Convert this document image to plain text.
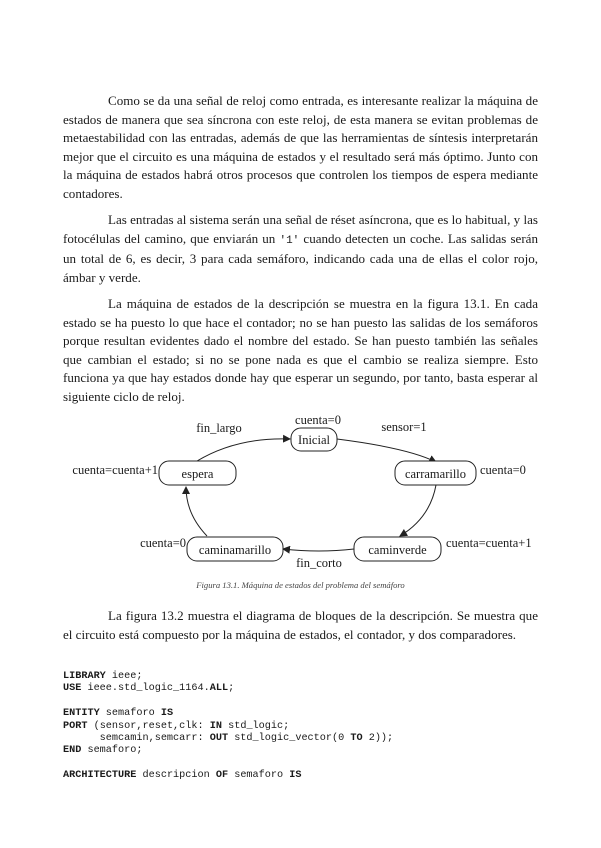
Como se da una señal de reloj como entrada, es interesante realizar la máquina de estados de manera que sea síncrona con este reloj, de esta manera se evitan problemas de metaestabilidad con las entradas, además de que las herramientas de síntesis interpretarán mejor que el circuito es una máquina de estados y el resultado será más óptimo. Junto con la máquina de estados habrá otros procesos que controlen los tiempos de espera mediante contadores.

Las entradas al sistema serán una señal de réset asíncrona, que es lo habitual, y las fotocélulas del camino, que enviarán un '1' cuando detecten un coche. Las salidas serán un total de 6, es decir, 3 para cada semáforo, indicando cada una de ellas el color rojo, ámbar y verde.

La máquina de estados de la descripción se muestra en la figura 13.1. En cada estado se ha puesto lo que hace el contador; no se han puesto las salidas de los semáforos porque resultan evidentes dado el nombre del estado. Se han puesto también las señales que cambian el estado; si no se pone nada es que el cambio se realiza siempre. Esto funciona ya que hay estados donde hay que esperar un segundo, por tanto, basta esperar al siguiente ciclo de reloj.

Inicial
carramarillo
caminverde
caminamarillo
espera
cuenta=0
cuenta=0
cuenta=cuenta+1
cuenta=0
cuenta=cuenta+1
sensor=1
fin_corto
fin_largo
Figura 13.1. Máquina de estados del problema del semáforo

La figura 13.2 muestra el diagrama de bloques de la descripción. Se muestra que el circuito está compuesto por la máquina de estados, el contador, y dos comparadores.

LIBRARY ieee;
USE ieee.std_logic_1164.ALL;
ENTITY semaforo IS
PORT (sensor,reset,clk: IN std_logic;
semcamin,semcarr: OUT std_logic_vector(0 TO 2));
END semaforo;
ARCHITECTURE descripcion OF semaforo IS
